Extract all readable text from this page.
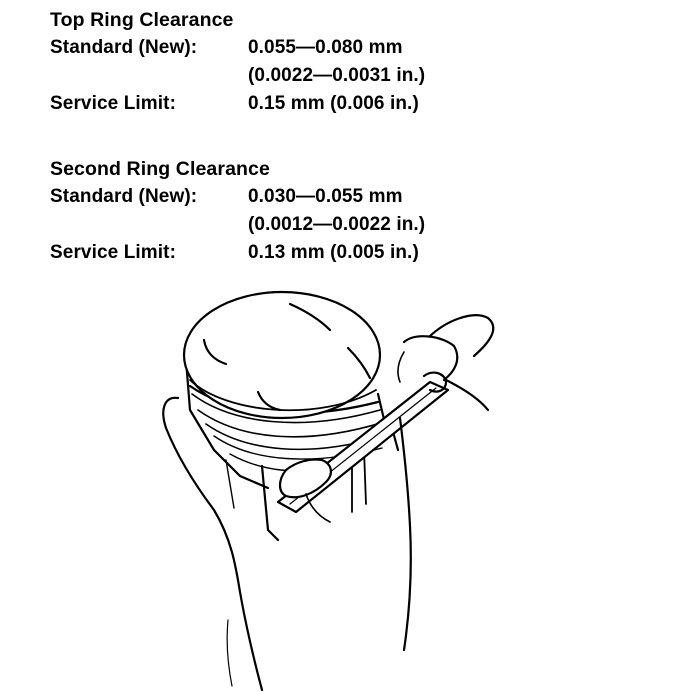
Top Ring Clearance
Standard (New):	0.055—0.080 mm
(0.0022—0.0031 in.)
Service Limit:	0.15 mm (0.006 in.)
Second Ring Clearance
Standard (New):	0.030—0.055 mm
(0.0012—0.0022 in.)
Service Limit:	0.13 mm (0.005 in.)
